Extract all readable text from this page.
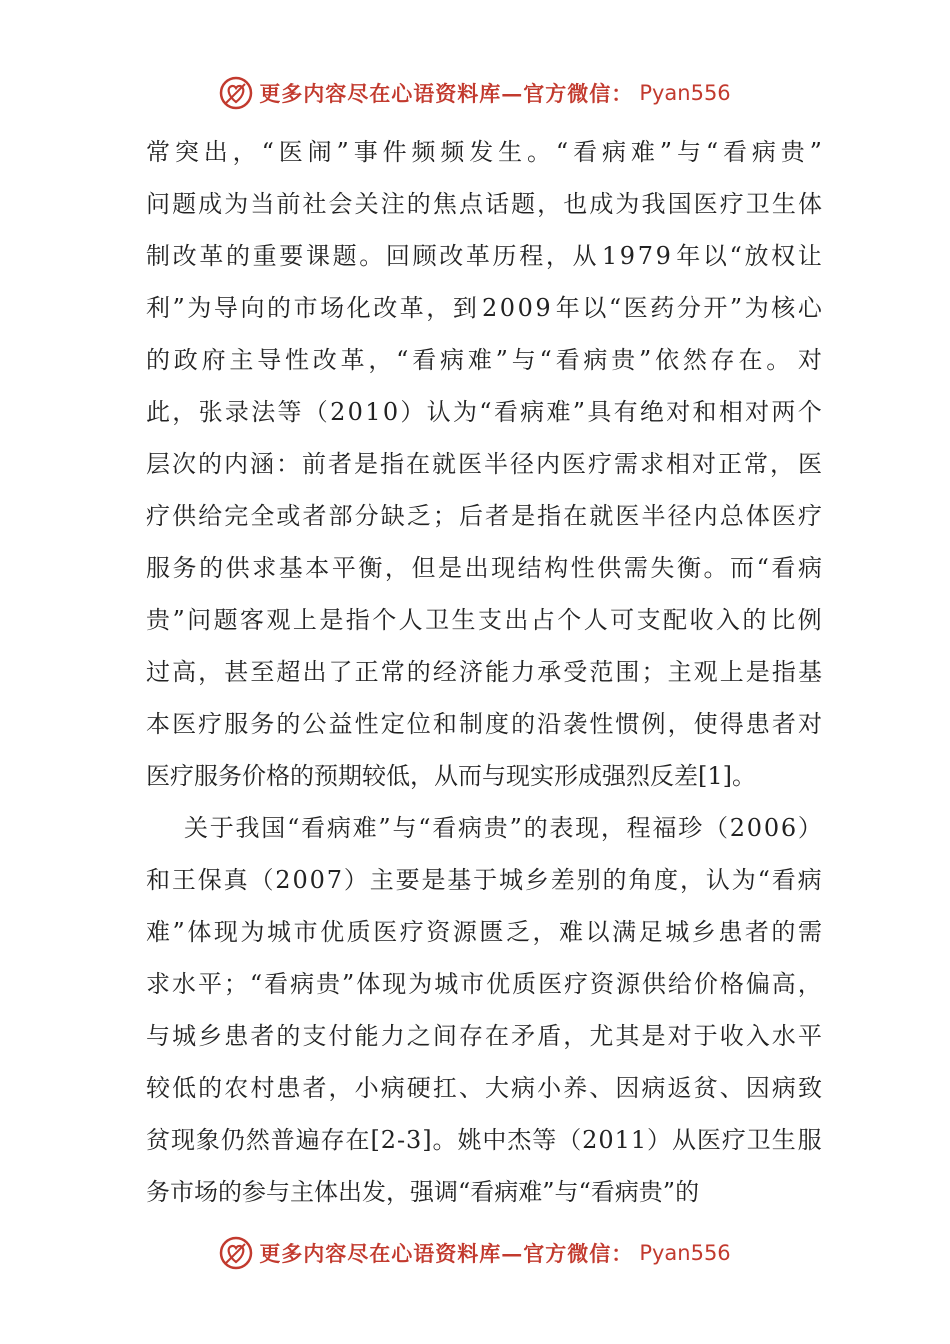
更多内容尽在心语资料库—官方微信： Pyan556
常 突 出 ， “ 医 闹 ” 事 件 频 频 发 生 。 “ 看 病 难 ” 与 “ 看 病 贵 ”
问 题 成 为 当 前 社 会 关 注 的 焦 点 话 题 ， 也 成 为 我 国 医 疗 卫 生 体
制 改 革 的 重 要 课 题 。 回 顾 改 革 历 程 ， 从 1 9 7 9 年 以 “ 放 权 让
利 ” 为 导 向 的 市 场 化 改 革 ， 到 2 0 0 9 年 以 “ 医 药 分 开 ” 为 核 心
的 政 府 主 导 性 改 革 ， “ 看 病 难 ” 与 “ 看 病 贵 ” 依 然 存 在 。 对
此 ， 张 录 法 等 （ 2 0 1 0 ） 认 为 “ 看 病 难 ” 具 有 绝 对 和 相 对 两 个
层 次 的 内 涵 ： 前 者 是 指 在 就 医 半 径 内 医 疗 需 求 相 对 正 常 ， 医
疗 供 给 完 全 或 者 部 分 缺 乏 ； 后 者 是 指 在 就 医 半 径 内 总 体 医 疗
服 务 的 供 求 基 本 平 衡 ， 但 是 出 现 结 构 性 供 需 失 衡 。 而 “ 看 病
贵 ” 问 题 客 观 上 是 指 个 人 卫 生 支 出 占 个 人 可 支 配 收 入 的 比 例
过 高 ， 甚 至 超 出 了 正 常 的 经 济 能 力 承 受 范 围 ； 主 观 上 是 指 基
本 医 疗 服 务 的 公 益 性 定 位 和 制 度 的 沿 袭 性 惯 例 ， 使 得 患 者 对
医疗服务价格的预期较低，从而与现实形成强烈反差[1]。
关 于 我 国 “ 看 病 难 ” 与 “ 看 病 贵 ” 的 表 现 ， 程 福 珍 （ 2 0 0 6 ）
和 王 保 真 （ 2 0 0 7 ） 主 要 是 基 于 城 乡 差 别 的 角 度 ， 认 为 “ 看 病
难 ” 体 现 为 城 市 优 质 医 疗 资 源 匮 乏 ， 难 以 满 足 城 乡 患 者 的 需
求 水 平 ； “ 看 病 贵 ” 体 现 为 城 市 优 质 医 疗 资 源 供 给 价 格 偏 高 ，
与 城 乡 患 者 的 支 付 能 力 之 间 存 在 矛 盾 ， 尤 其 是 对 于 收 入 水 平
较 低 的 农 村 患 者 ， 小 病 硬 扛 、 大 病 小 养 、 因 病 返 贫 、 因 病 致
贫 现 象 仍 然 普 遍 存 在 [ 2 - 3 ] 。 姚 中 杰 等 （ 2 0 1 1 ） 从 医 疗 卫 生 服
务市场的参与主体出发，强调“看病难”与“看病贵”的
更多内容尽在心语资料库—官方微信： Pyan556
